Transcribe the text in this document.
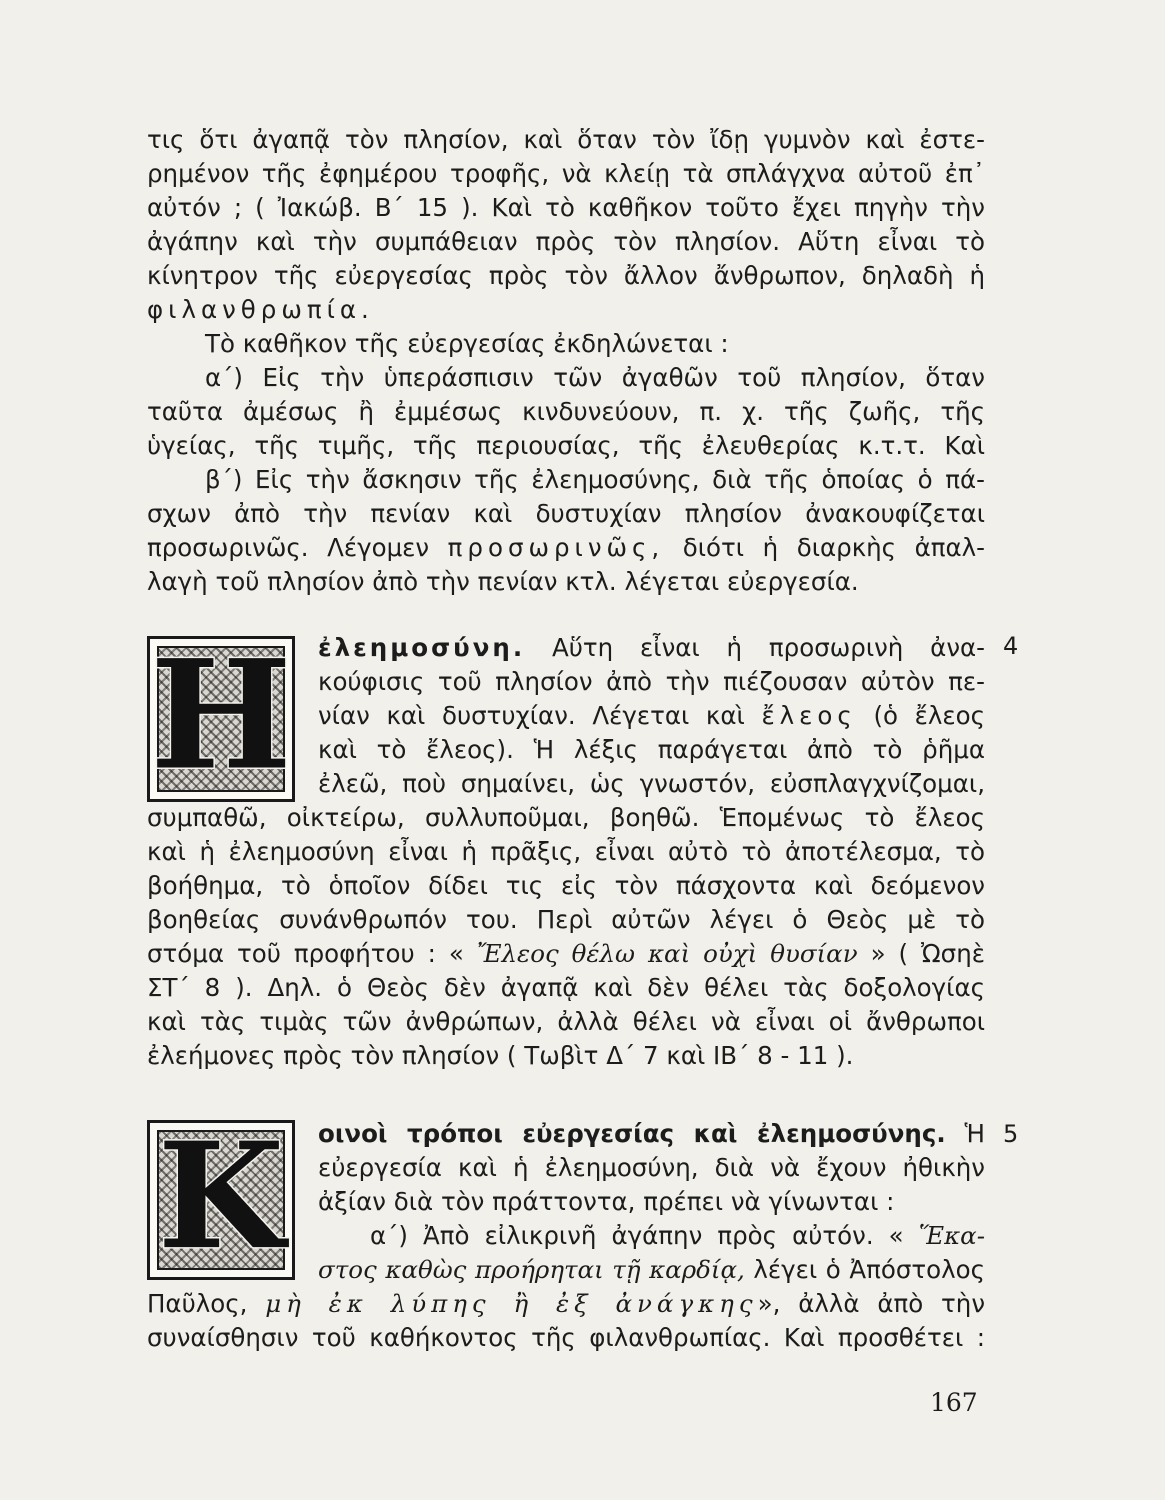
τις ὅτι ἀγαπᾷ τὸν πλησίον, καὶ ὅταν τὸν ἴδῃ γυμνὸν καὶ ἐστε-

ρημένον τῆς ἐφημέρου τροφῆς, νὰ κλείῃ τὰ σπλάγχνα αὐτοῦ ἐπ᾽

αὐτόν ; ( Ἰακώβ. Β΄ 15 ). Καὶ τὸ καθῆκον τοῦτο ἔχει πηγὴν τὴν

ἀγάπην καὶ τὴν συμπάθειαν πρὸς τὸν πλησίον. Αὕτη εἶναι τὸ

κίνητρον τῆς εὐεργεσίας πρὸς τὸν ἄλλον ἄνθρωπον, δηλαδὴ ἡ

φιλανθρωπία.

Τὸ καθῆκον τῆς εὐεργεσίας ἐκδηλώνεται :

α΄) Εἰς τὴν ὑπεράσπισιν τῶν ἀγαθῶν τοῦ πλησίον, ὅταν

ταῦτα ἀμέσως ἢ ἐμμέσως κινδυνεύουν, π. χ. τῆς ζωῆς, τῆς

ὑγείας, τῆς τιμῆς, τῆς περιουσίας, τῆς ἐλευθερίας κ.τ.τ. Καὶ

β΄) Εἰς τὴν ἄσκησιν τῆς ἐλεημοσύνης, διὰ τῆς ὁποίας ὁ πά-

σχων ἀπὸ τὴν πενίαν καὶ δυστυχίαν πλησίον ἀνακουφίζεται

προσωρινῶς. Λέγομεν προσωρινῶς, διότι ἡ διαρκὴς ἀπαλ-

λαγὴ τοῦ πλησίον ἀπὸ τὴν πενίαν κτλ. λέγεται εὐεργεσία.

Η	4

ἐλεημοσύνη. Αὕτη εἶναι ἡ προσωρινὴ ἀνα-

κούφισις τοῦ πλησίον ἀπὸ τὴν πιέζουσαν αὐτὸν πε-

νίαν καὶ δυστυχίαν. Λέγεται καὶ ἔλεος (ὁ ἔλεος

καὶ τὸ ἔλεος). Ἡ λέξις παράγεται ἀπὸ τὸ ῥῆμα

ἐλεῶ, ποὺ σημαίνει, ὡς γνωστόν, εὐσπλαγχνίζομαι,

συμπαθῶ, οἰκτείρω, συλλυποῦμαι, βοηθῶ. Ἑπομένως τὸ ἔλεος

καὶ ἡ ἐλεημοσύνη εἶναι ἡ πρᾶξις, εἶναι αὐτὸ τὸ ἀποτέλεσμα, τὸ

βοήθημα, τὸ ὁποῖον δίδει τις εἰς τὸν πάσχοντα καὶ δεόμενον

βοηθείας συνάνθρωπόν του. Περὶ αὐτῶν λέγει ὁ Θεὸς μὲ τὸ

στόμα τοῦ προφήτου : « Ἔλεος θέλω καὶ οὐχὶ θυσίαν » ( Ὠσηὲ

ΣΤ΄ 8 ). Δηλ. ὁ Θεὸς δὲν ἀγαπᾷ καὶ δὲν θέλει τὰς δοξολογίας

καὶ τὰς τιμὰς τῶν ἀνθρώπων, ἀλλὰ θέλει νὰ εἶναι οἱ ἄνθρωποι

ἐλεήμονες πρὸς τὸν πλησίον ( Τωβὶτ Δ΄ 7 καὶ ΙΒ΄ 8 - 11 ).

Κ	5

οινοὶ τρόποι εὐεργεσίας καὶ ἐλεημοσύνης. Ἡ

εὐεργεσία καὶ ἡ ἐλεημοσύνη, διὰ νὰ ἔχουν ἠθικὴν

ἀξίαν διὰ τὸν πράττοντα, πρέπει νὰ γίνωνται :

α΄) Ἀπὸ εἰλικρινῆ ἀγάπην πρὸς αὐτόν. « Ἕκα-

στος καθὼς προήρηται τῇ καρδίᾳ, λέγει ὁ Ἀπόστολος

Παῦλος, μὴ ἐκ λύπης ἢ ἐξ ἀνάγκης», ἀλλὰ ἀπὸ τὴν

συναίσθησιν τοῦ καθήκοντος τῆς φιλανθρωπίας. Καὶ προσθέτει :

167
